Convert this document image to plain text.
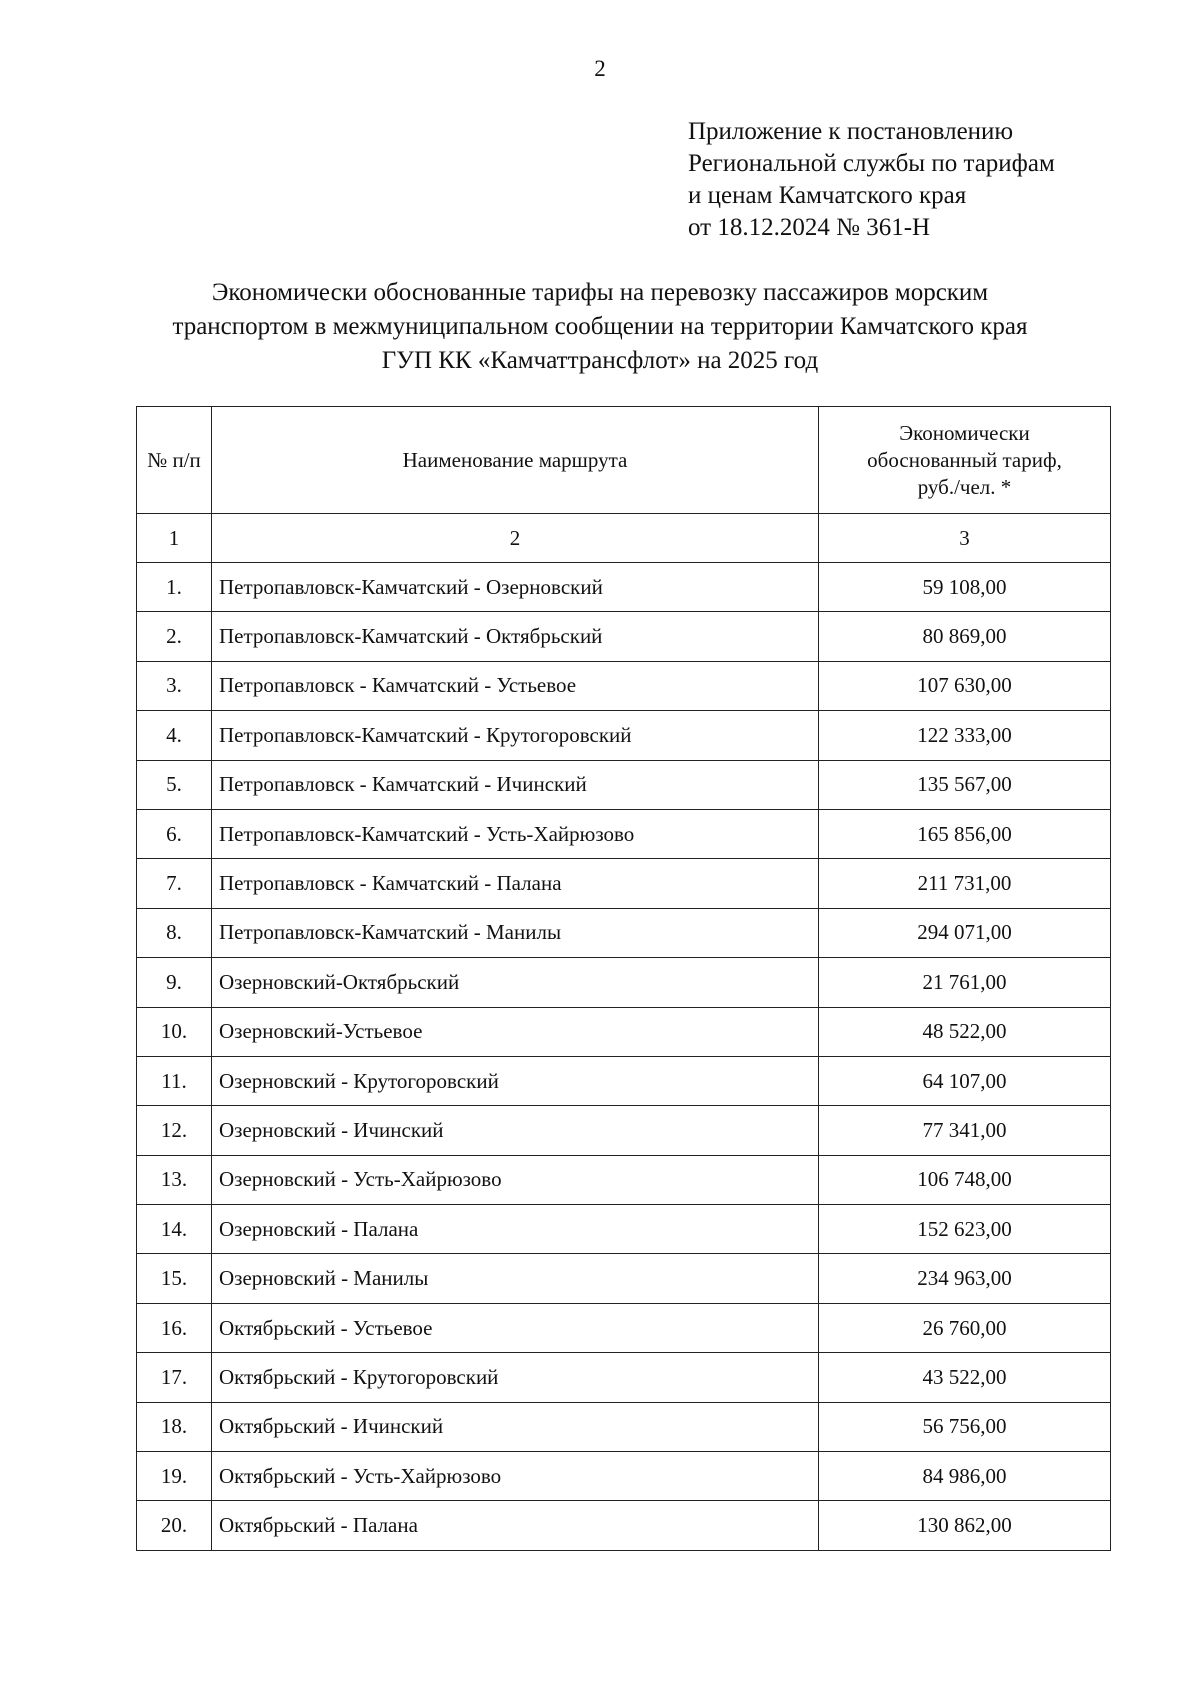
2
Приложение к постановлению
Региональной службы по тарифам
и ценам Камчатского края
от 18.12.2024 № 361-Н
Экономически обоснованные тарифы на перевозку пассажиров морским
транспортом в межмуниципальном сообщении на территории Камчатского края
ГУП КК «Камчаттрансфлот» на 2025 год
№ п/п	Наименование маршрута	Экономически
обоснованный тариф,
руб./чел. *

1	2	3
1.	Петропавловск-Камчатский - Озерновский	59 108,00
2.	Петропавловск-Камчатский - Октябрьский	80 869,00
3.	Петропавловск - Камчатский - Устьевое	107 630,00
4.	Петропавловск-Камчатский - Крутогоровский	122 333,00
5.	Петропавловск - Камчатский - Ичинский	135 567,00
6.	Петропавловск-Камчатский - Усть-Хайрюзово	165 856,00
7.	Петропавловск - Камчатский - Палана	211 731,00
8.	Петропавловск-Камчатский - Манилы	294 071,00
9.	Озерновский-Октябрьский	21 761,00
10.	Озерновский-Устьевое	48 522,00
11.	Озерновский - Крутогоровский	64 107,00
12.	Озерновский - Ичинский	77 341,00
13.	Озерновский - Усть-Хайрюзово	106 748,00
14.	Озерновский - Палана	152 623,00
15.	Озерновский - Манилы	234 963,00
16.	Октябрьский - Устьевое	26 760,00
17.	Октябрьский - Крутогоровский	43 522,00
18.	Октябрьский - Ичинский	56 756,00
19.	Октябрьский - Усть-Хайрюзово	84 986,00
20.	Октябрьский - Палана	130 862,00
